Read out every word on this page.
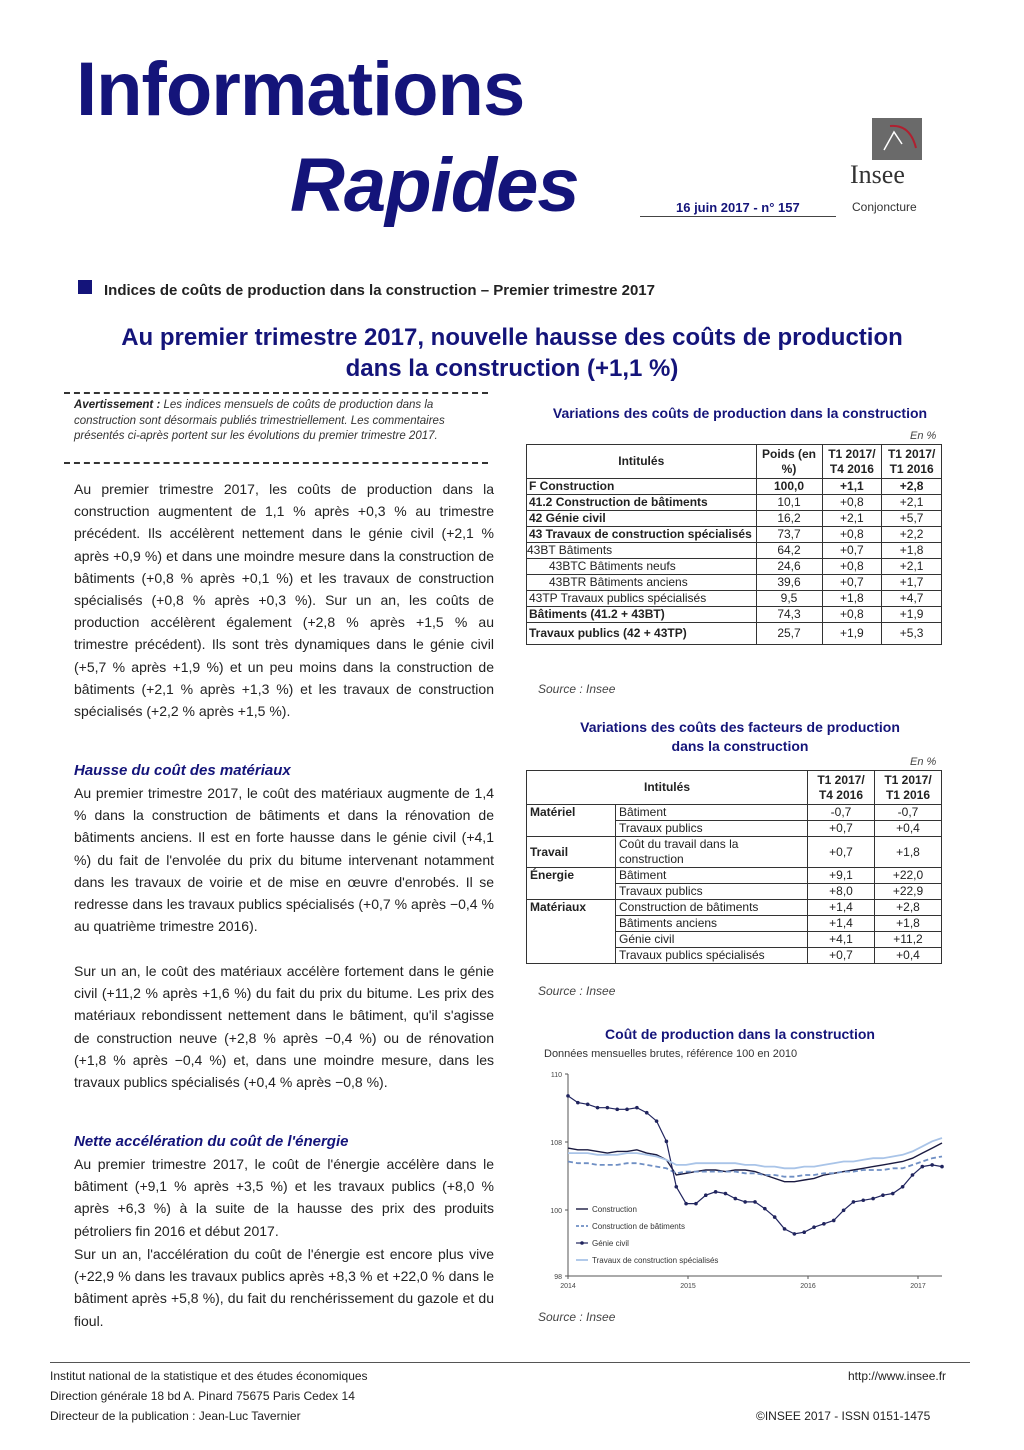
Informations
Rapides	16 juin 2017 - n° 157
Insee
Conjoncture
Indices de coûts de production dans la construction – Premier trimestre 2017
Au premier trimestre 2017, nouvelle hausse des coûts de production
dans la construction (+1,1 %)
Avertissement : Les indices mensuels de coûts de production dans la construction sont désormais publiés trimestriellement. Les commentaires présentés ci-après portent sur les évolutions du premier trimestre 2017.
Au premier trimestre 2017, les coûts de production dans la construction augmentent de 1,1 % après +0,3 % au trimestre précédent. Ils accélèrent nettement dans le génie civil (+2,1 % après +0,9 %) et dans une moindre mesure dans la construction de bâtiments (+0,8 % après +0,1 %) et les travaux de construction spécialisés (+0,8 % après +0,3 %). Sur un an, les coûts de production accélèrent également (+2,8 % après +1,5 % au trimestre précédent). Ils sont très dynamiques dans le génie civil (+5,7 % après +1,9 %) et un peu moins dans la construction de bâtiments (+2,1 % après +1,3 %) et les travaux de construction spécialisés (+2,2 % après +1,5 %).
Hausse du coût des matériaux
Au premier trimestre 2017, le coût des matériaux augmente de 1,4 % dans la construction de bâtiments et dans la rénovation de bâtiments anciens. Il est en forte hausse dans le génie civil (+4,1 %) du fait de l'envolée du prix du bitume intervenant notamment dans les travaux de voirie et de mise en œuvre d'enrobés. Il se redresse dans les travaux publics spécialisés (+0,7 % après −0,4 % au quatrième trimestre 2016).
Sur un an, le coût des matériaux accélère fortement dans le génie civil (+11,2 % après +1,6 %) du fait du prix du bitume. Les prix des matériaux rebondissent nettement dans le bâtiment, qu'il s'agisse de construction neuve (+2,8 % après −0,4 %) ou de rénovation (+1,8 % après −0,4 %) et, dans une moindre mesure, dans les travaux publics spécialisés (+0,4 % après −0,8 %).
Nette accélération du coût de l'énergie
Au premier trimestre 2017, le coût de l'énergie accélère dans le bâtiment (+9,1 % après +3,5 %) et les travaux publics (+8,0 % après +6,3 %) à la suite de la hausse des prix des produits pétroliers fin 2016 et début 2017.
Sur un an, l'accélération du coût de l'énergie est encore plus vive (+22,9 % dans les travaux publics après +8,3 % et +22,0 % dans le bâtiment après +5,8 %), du fait du renchérissement du gazole et du fioul.
Variations des coûts de production dans la construction
En %
Intitulés	Poids (en %)	T1 2017/ T4 2016	T1 2017/ T1 2016
F Construction	100,0	+1,1	+2,8
41.2 Construction de bâtiments	10,1	+0,8	+2,1
42 Génie civil	16,2	+2,1	+5,7
43 Travaux de construction spécialisés	73,7	+0,8	+2,2
43BT Bâtiments	64,2	+0,7	+1,8
43BTC Bâtiments neufs	24,6	+0,8	+2,1
43BTR Bâtiments anciens	39,6	+0,7	+1,7
43TP Travaux publics spécialisés	9,5	+1,8	+4,7
Bâtiments (41.2 + 43BT)	74,3	+0,8	+1,9
Travaux publics (42 + 43TP)	25,7	+1,9	+5,3
Source : Insee
Variations des coûts des facteurs de production
dans la construction
En %
Intitulés		T1 2017/ T4 2016	T1 2017/ T1 2016
Matériel	Bâtiment	-0,7	-0,7
	Travaux publics	+0,7	+0,4
Travail	Coût du travail dans la construction	+0,7	+1,8
Énergie	Bâtiment	+9,1	+22,0
	Travaux publics	+8,0	+22,9
Matériaux	Construction de bâtiments	+1,4	+2,8
	Bâtiments anciens	+1,4	+1,8
	Génie civil	+4,1	+11,2
	Travaux publics spécialisés	+0,7	+0,4
Source : Insee
Coût de production dans la construction
Données mensuelles brutes, référence 100 en 2010
110
108
100
98
2014	2015	2016	2017
Construction
Construction de bâtiments
Génie civil
Travaux de construction spécialisés
Source : Insee
Institut national de la statistique et des études économiques
Direction générale 18 bd A. Pinard 75675 Paris Cedex 14
Directeur de la publication : Jean-Luc Tavernier
http://www.insee.fr
©INSEE 2017 - ISSN 0151-1475
